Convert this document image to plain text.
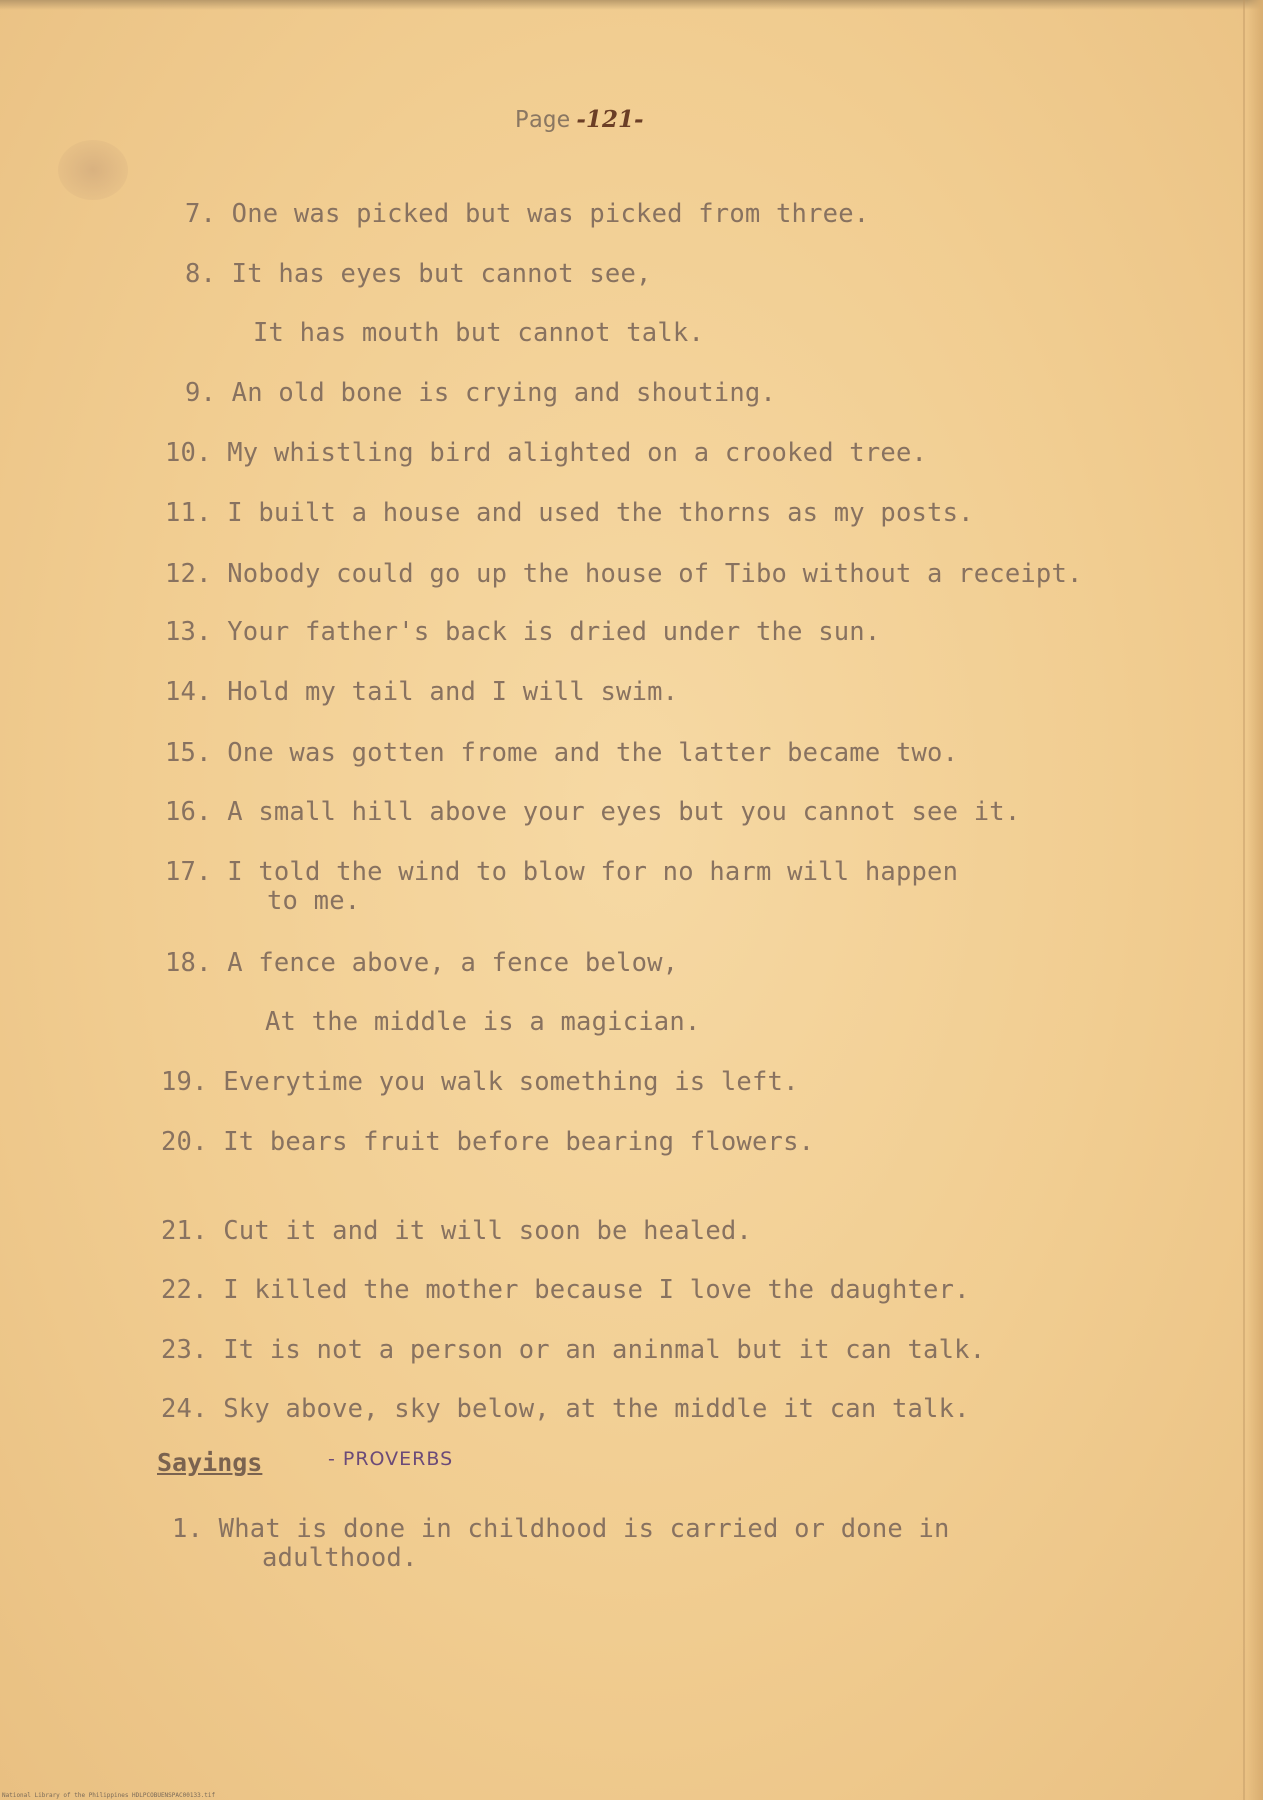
Page -121-
7. One was picked but was picked from three.
8. It has eyes but cannot see,
It has mouth but cannot talk.
9. An old bone is crying and shouting.
10. My whistling bird alighted on a crooked tree.
11. I built a house and used the thorns as my posts.
12. Nobody could go up the house of Tibo without a receipt.
13. Your father's back is dried under the sun.
14. Hold my tail and I will swim.
15. One was gotten frome and the latter became two.
16. A small hill above your eyes but you cannot see it.
17. I told the wind to blow for no harm will happen
to me.
18. A fence above, a fence below,
At the middle is a magician.
19. Everytime you walk something is left.
20. It bears fruit before bearing flowers.
21. Cut it and it will soon be healed.
22. I killed the mother because I love the daughter.
23. It is not a person or an aninmal but it can talk.
24. Sky above, sky below, at the middle it can talk.
Sayings	- PROVERBS
1. What is done in childhood is carried or done in
adulthood.
National Library of the Philippines HDLPCOBUENSPAC00133.tif
